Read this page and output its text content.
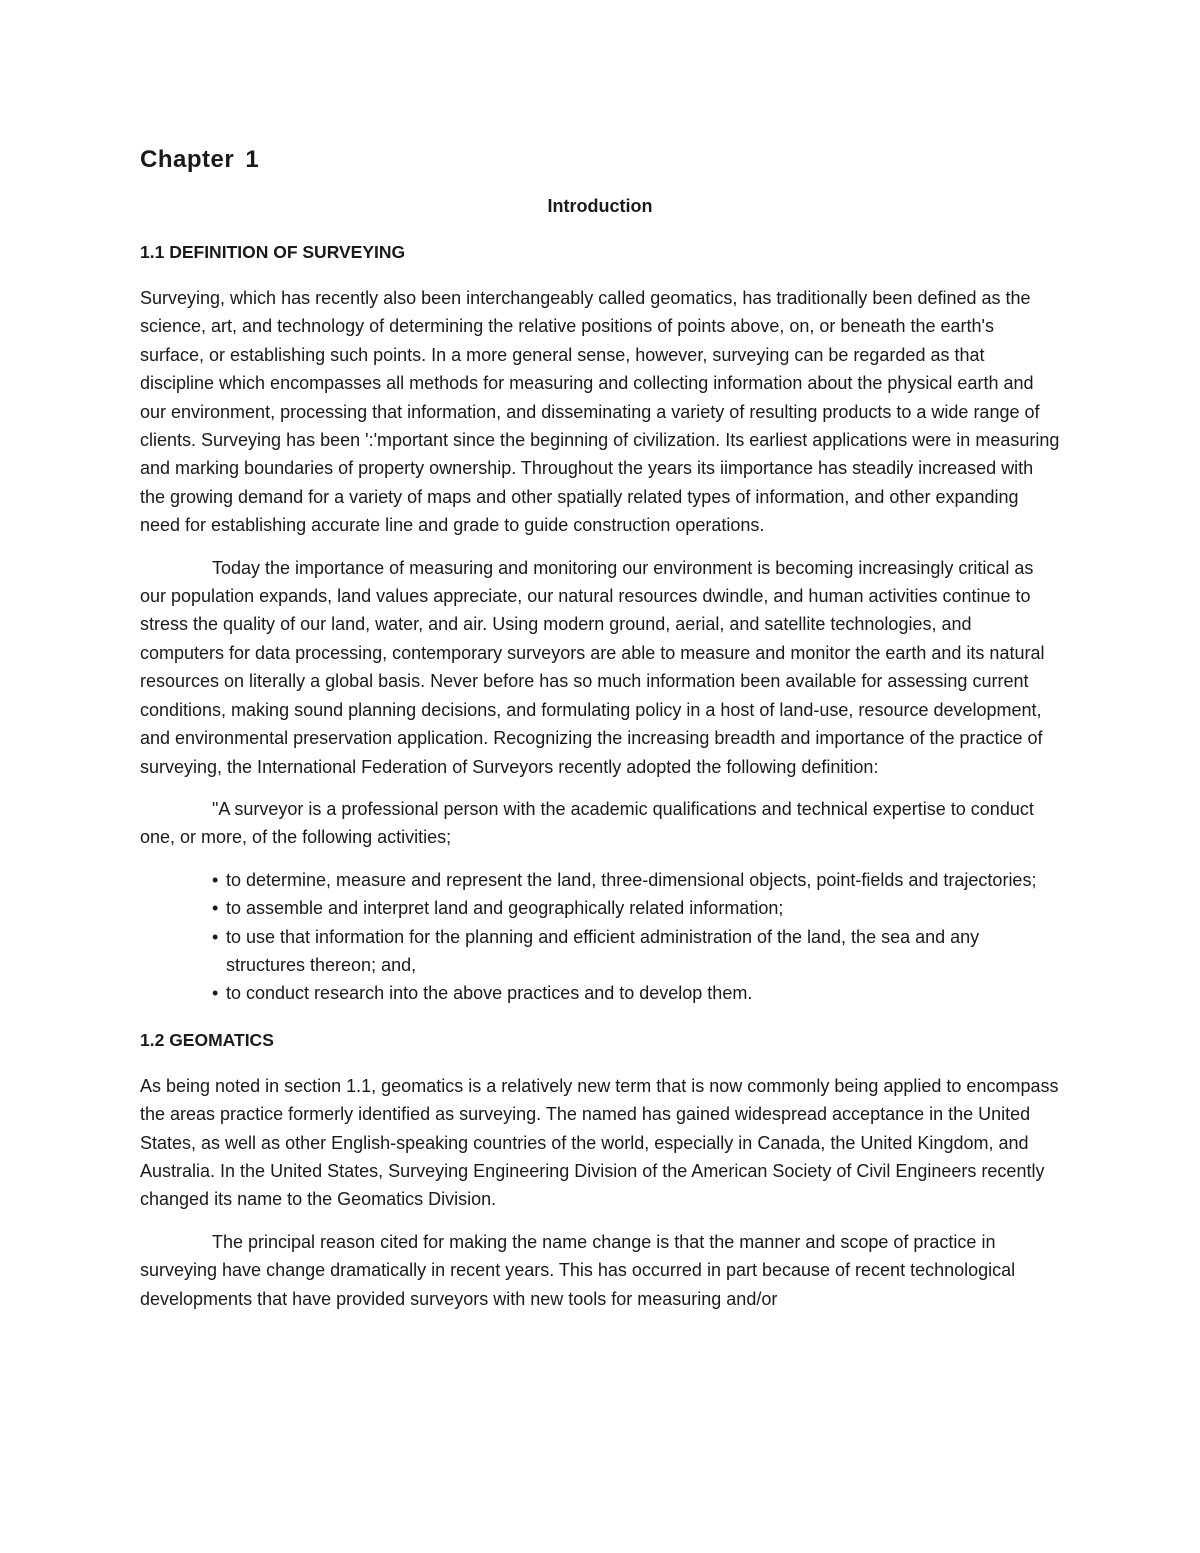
Chapter 1
Introduction
1.1 DEFINITION OF SURVEYING

Surveying, which has recently also been interchangeably called geomatics, has traditionally been defined as the science, art, and technology of determining the relative positions of points above, on, or beneath the earth's surface, or establishing such points. In a more general sense, however, surveying can be regarded as that discipline which encompasses all methods for measuring and collecting information about the physical earth and our environment, processing that information, and disseminating a variety of resulting products to a wide range of clients. Surveying has been ':'mportant since the beginning of civilization. Its earliest applications were in measuring and marking boundaries of property ownership. Throughout the years its iimportance has steadily increased with the growing demand for a variety of maps and other spatially related types of information, and other expanding need for establishing accurate line and grade to guide construction operations.

Today the importance of measuring and monitoring our environment is becoming increasingly critical as our population expands, land values appreciate, our natural resources dwindle, and human activities continue to stress the quality of our land, water, and air. Using modern ground, aerial, and satellite technologies, and computers for data processing, contemporary surveyors are able to measure and monitor the earth and its natural resources on literally a global basis. Never before has so much information been available for assessing current conditions, making sound planning decisions, and formulating policy in a host of land-use, resource development, and environmental preservation application. Recognizing the increasing breadth and importance of the practice of surveying, the International Federation of Surveyors recently adopted the following definition:

"A surveyor is a professional person with the academic qualifications and technical expertise to conduct one, or more, of the following activities;

• to determine, measure and represent the land, three-dimensional objects, point-fields and trajectories;
• to assemble and interpret land and geographically related information;
• to use that information for the planning and efficient administration of the land, the sea and any structures thereon; and,
• to conduct research into the above practices and to develop them.
1.2 GEOMATICS

As being noted in section 1.1, geomatics is a relatively new term that is now commonly being applied to encompass the areas practice formerly identified as surveying. The named has gained widespread acceptance in the United States, as well as other English-speaking countries of the world, especially in Canada, the United Kingdom, and Australia. In the United States, Surveying Engineering Division of the American Society of Civil Engineers recently changed its name to the Geomatics Division.

The principal reason cited for making the name change is that the manner and scope of practice in surveying have change dramatically in recent years. This has occurred in part because of recent technological developments that have provided surveyors with new tools for measuring and/or
